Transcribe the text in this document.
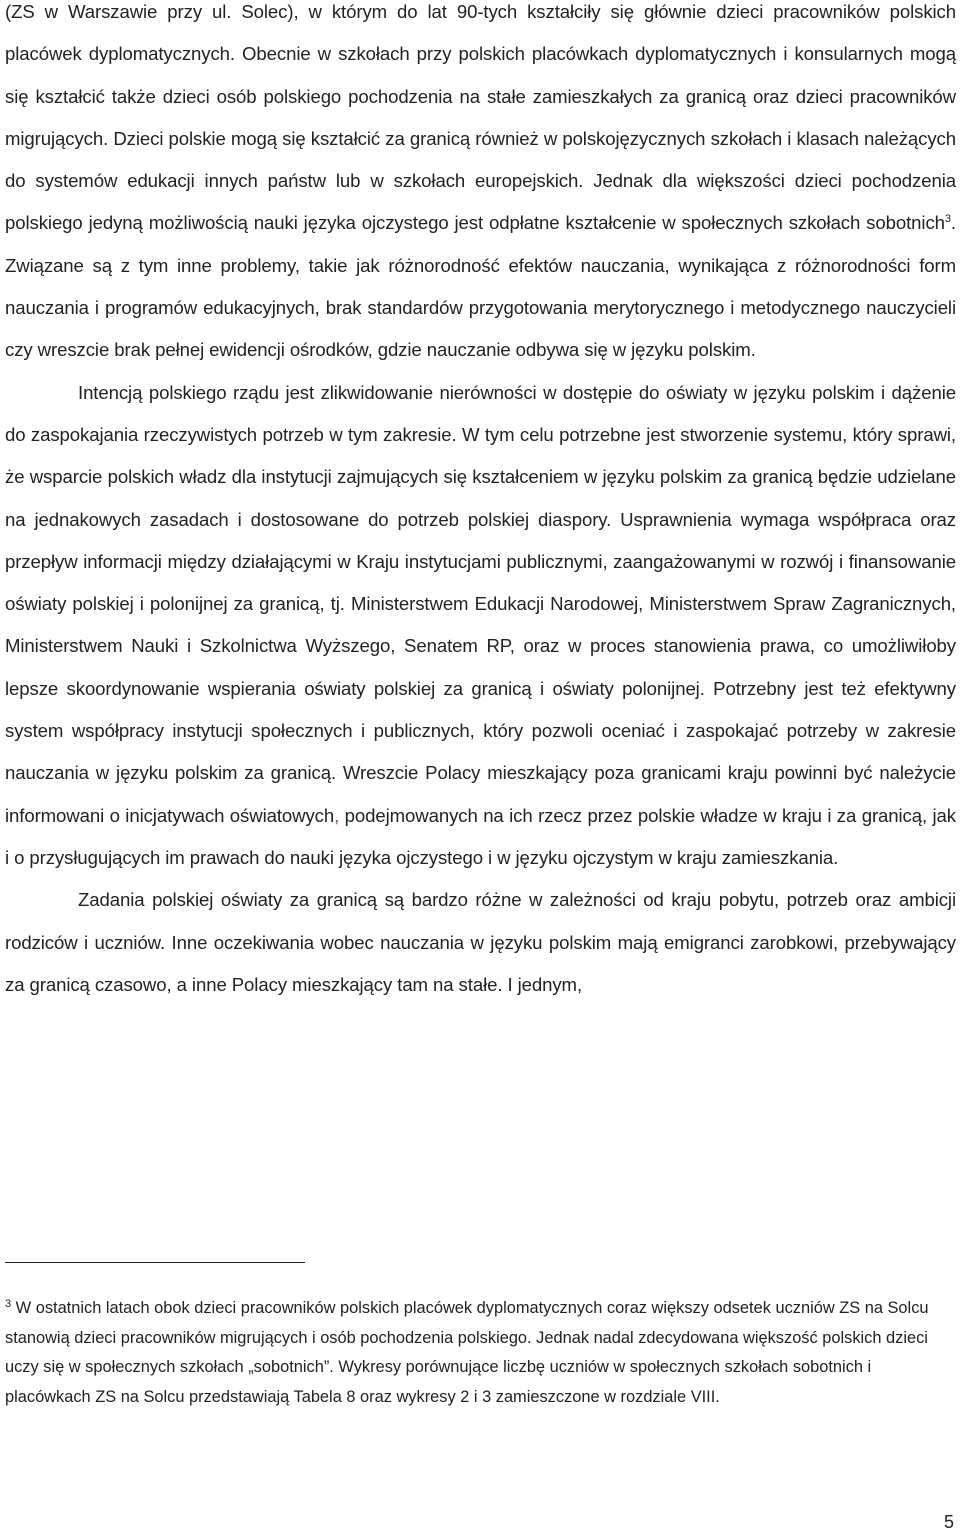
(ZS w Warszawie przy ul. Solec), w którym do lat 90-tych kształciły się głównie dzieci pracowników polskich placówek dyplomatycznych. Obecnie w szkołach przy polskich placówkach dyplomatycznych i konsularnych mogą się kształcić także dzieci osób polskiego pochodzenia na stałe zamieszkałych za granicą oraz dzieci pracowników migrujących. Dzieci polskie mogą się kształcić za granicą również w polskojęzycznych szkołach i klasach należących do systemów edukacji innych państw lub w szkołach europejskich. Jednak dla większości dzieci pochodzenia polskiego jedyną możliwością nauki języka ojczystego jest odpłatne kształcenie w społecznych szkołach sobotnich$^3$. Związane są z tym inne problemy, takie jak różnorodność efektów nauczania, wynikająca z różnorodności form nauczania i programów edukacyjnych, brak standardów przygotowania merytorycznego i metodycznego nauczycieli czy wreszcie brak pełnej ewidencji ośrodków, gdzie nauczanie odbywa się w języku polskim.

Intencją polskiego rządu jest zlikwidowanie nierówności w dostępie do oświaty w języku polskim i dążenie do zaspokajania rzeczywistych potrzeb w tym zakresie. W tym celu potrzebne jest stworzenie systemu, który sprawi, że wsparcie polskich władz dla instytucji zajmujących się kształceniem w języku polskim za granicą będzie udzielane na jednakowych zasadach i dostosowane do potrzeb polskiej diaspory. Usprawnienia wymaga współpraca oraz przepływ informacji między działającymi w Kraju instytucjami publicznymi, zaangażowanymi w rozwój i finansowanie oświaty polskiej i polonijnej za granicą, tj. Ministerstwem Edukacji Narodowej, Ministerstwem Spraw Zagranicznych, Ministerstwem Nauki i Szkolnictwa Wyższego, Senatem RP, oraz w proces stanowienia prawa, co umożliwiłoby lepsze skoordynowanie wspierania oświaty polskiej za granicą i oświaty polonijnej. Potrzebny jest też efektywny system współpracy instytucji społecznych i publicznych, który pozwoli oceniać i zaspokajać potrzeby w zakresie nauczania w języku polskim za granicą. Wreszcie Polacy mieszkający poza granicami kraju powinni być należycie informowani o inicjatywach oświatowych, podejmowanych na ich rzecz przez polskie władze w kraju i za granicą, jak i o przysługujących im prawach do nauki języka ojczystego i w języku ojczystym w kraju zamieszkania.

Zadania polskiej oświaty za granicą są bardzo różne w zależności od kraju pobytu, potrzeb oraz ambicji rodziców i uczniów. Inne oczekiwania wobec nauczania w języku polskim mają emigranci zarobkowi, przebywający za granicą czasowo, a inne Polacy mieszkający tam na stałe. I jednym,

$^3$ W ostatnich latach obok dzieci pracowników polskich placówek dyplomatycznych coraz większy odsetek uczniów ZS na Solcu stanowią dzieci pracowników migrujących i osób pochodzenia polskiego. Jednak nadal zdecydowana większość polskich dzieci uczy się w społecznych szkołach „sobotnich”. Wykresy porównujące liczbę uczniów w społecznych szkołach sobotnich i placówkach ZS na Solcu przedstawiają Tabela 8 oraz wykresy 2 i 3 zamieszczone w rozdziale VIII.

5
